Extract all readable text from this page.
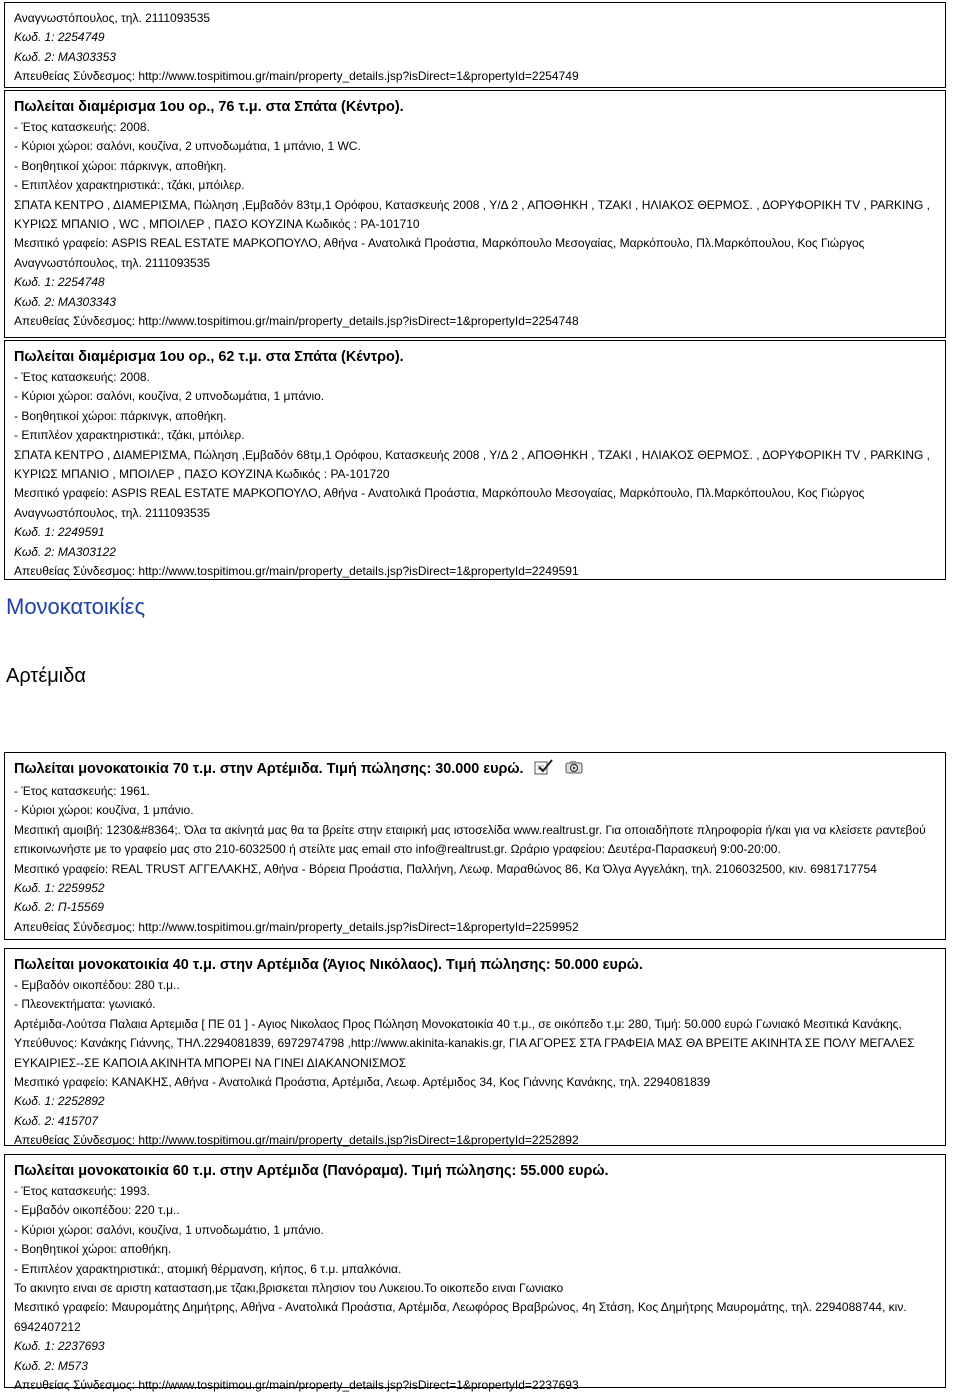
Αναγνωστόπουλος, τηλ. 2111093535
Κωδ. 1: 2254749
Κωδ. 2: ΜΑ303353
Απευθείας Σύνδεσμος: http://www.tospitimou.gr/main/property_details.jsp?isDirect=1&propertyId=2254749
Πωλείται διαμέρισμα 1ου ορ., 76 τ.μ. στα Σπάτα (Κέντρο).
- Έτος κατασκευής: 2008.
- Κύριοι χώροι: σαλόνι, κουζίνα, 2 υπνοδωμάτια, 1 μπάνιο, 1 WC.
- Βοηθητικοί χώροι: πάρκινγκ, αποθήκη.
- Επιπλέον χαρακτηριστικά:, τζάκι, μπόιλερ.
ΣΠΑΤΑ ΚΕΝΤΡΟ , ΔΙΑΜΕΡΙΣΜΑ, Πώληση ,Εμβαδόν 83τμ,1 Ορόφου, Κατασκευής 2008 , Υ/Δ 2 , ΑΠΟΘΗΚΗ , ΤΖΑΚΙ , ΗΛΙΑΚΟΣ ΘΕΡΜΟΣ. , ΔΟΡΥΦΟΡΙΚΗ TV , PARKING , ΚΥΡΙΩΣ ΜΠΑΝΙΟ , WC , ΜΠΟΙΛΕΡ , ΠΑΣΟ ΚΟΥΖΙΝΑ Κωδικός : PA-101710
Μεσιτικό γραφείο: ASPIS REAL ESTATE ΜΑΡΚΟΠΟΥΛΟ, Αθήνα - Ανατολικά Προάστια, Μαρκόπουλο Μεσογαίας, Μαρκόπουλο, Πλ.Μαρκόπουλου, Κος Γιώργος
Αναγνωστόπουλος, τηλ. 2111093535
Κωδ. 1: 2254748
Κωδ. 2: ΜΑ303343
Απευθείας Σύνδεσμος: http://www.tospitimou.gr/main/property_details.jsp?isDirect=1&propertyId=2254748
Πωλείται διαμέρισμα 1ου ορ., 62 τ.μ. στα Σπάτα (Κέντρο).
- Έτος κατασκευής: 2008.
- Κύριοι χώροι: σαλόνι, κουζίνα, 2 υπνοδωμάτια, 1 μπάνιο.
- Βοηθητικοί χώροι: πάρκινγκ, αποθήκη.
- Επιπλέον χαρακτηριστικά:, τζάκι, μπόιλερ.
ΣΠΑΤΑ ΚΕΝΤΡΟ , ΔΙΑΜΕΡΙΣΜΑ, Πώληση ,Εμβαδόν 68τμ,1 Ορόφου, Κατασκευής 2008 , Υ/Δ 2 , ΑΠΟΘΗΚΗ , ΤΖΑΚΙ , ΗΛΙΑΚΟΣ ΘΕΡΜΟΣ. , ΔΟΡΥΦΟΡΙΚΗ TV , PARKING , ΚΥΡΙΩΣ ΜΠΑΝΙΟ , ΜΠΟΙΛΕΡ , ΠΑΣΟ ΚΟΥΖΙΝΑ Κωδικός : PA-101720
Μεσιτικό γραφείο: ASPIS REAL ESTATE ΜΑΡΚΟΠΟΥΛΟ, Αθήνα - Ανατολικά Προάστια, Μαρκόπουλο Μεσογαίας, Μαρκόπουλο, Πλ.Μαρκόπουλου, Κος Γιώργος
Αναγνωστόπουλος, τηλ. 2111093535
Κωδ. 1: 2249591
Κωδ. 2: ΜΑ303122
Απευθείας Σύνδεσμος: http://www.tospitimou.gr/main/property_details.jsp?isDirect=1&propertyId=2249591
Μονοκατοικίες
Αρτέμιδα
Πωλείται μονοκατοικία 70 τ.μ. στην Αρτέμιδα. Τιμή πώλησης: 30.000 ευρώ.
- Έτος κατασκευής: 1961.
- Κύριοι χώροι: κουζίνα, 1 μπάνιο.
Μεσιτική αμοιβή: 1230&#8364;. Όλα τα ακίνητά μας θα τα βρείτε στην εταιρική μας ιστοσελίδα www.realtrust.gr. Για οποιαδήποτε πληροφορία ή/και για να κλείσετε ραντεβού επικοινωνήστε με το γραφείο μας στο 210-6032500 ή στείλτε μας email στο info@realtrust.gr. Ωράριο γραφείου: Δευτέρα-Παρασκευή 9:00-20:00.
Μεσιτικό γραφείο: REAL TRUST ΑΓΓΕΛΑΚΗΣ, Αθήνα - Βόρεια Προάστια, Παλλήνη, Λεωφ. Μαραθώνος 86, Κα Όλγα Αγγελάκη, τηλ. 2106032500, κιν. 6981717754
Κωδ. 1: 2259952
Κωδ. 2: Π-15569
Απευθείας Σύνδεσμος: http://www.tospitimou.gr/main/property_details.jsp?isDirect=1&propertyId=2259952
Πωλείται μονοκατοικία 40 τ.μ. στην Αρτέμιδα (Άγιος Νικόλαος). Τιμή πώλησης: 50.000 ευρώ.
- Εμβαδόν οικοπέδου: 280 τ.μ..
- Πλεονεκτήματα: γωνιακό.
Αρτέμιδα-Λούτσα Παλαια Αρτεμιδα [ ΠΕ 01 ] - Αγιος Νικολαος Προς Πώληση Μονοκατοικία 40 τ.μ., σε οικόπεδο τ.μ: 280, Τιμή: 50.000 ευρώ Γωνιακό Μεσιτικά Κανάκης, Υπεύθυνος: Κανάκης Γιάννης, ΤΗΛ.2294081839, 6972974798 ,http://www.akinita-kanakis.gr, ΓΙΑ ΑΓΟΡΕΣ ΣΤΑ ΓΡΑΦΕΙΑ ΜΑΣ ΘΑ ΒΡΕΙΤΕ ΑΚΙΝΗΤΑ ΣΕ ΠΟΛΥ ΜΕΓΑΛΕΣ ΕΥΚΑΙΡΙΕΣ--ΣΕ ΚΑΠΟΙΑ ΑΚΙΝΗΤΑ ΜΠΟΡΕΙ ΝΑ ΓΙΝΕΙ ΔΙΑΚΑΝΟΝΙΣΜΟΣ
Μεσιτικό γραφείο: ΚΑΝΑΚΗΣ, Αθήνα - Ανατολικά Προάστια, Αρτέμιδα, Λεωφ. Αρτέμιδος 34, Κος Γιάννης Κανάκης, τηλ. 2294081839
Κωδ. 1: 2252892
Κωδ. 2: 415707
Απευθείας Σύνδεσμος: http://www.tospitimou.gr/main/property_details.jsp?isDirect=1&propertyId=2252892
Πωλείται μονοκατοικία 60 τ.μ. στην Αρτέμιδα (Πανόραμα). Τιμή πώλησης: 55.000 ευρώ.
- Έτος κατασκευής: 1993.
- Εμβαδόν οικοπέδου: 220 τ.μ..
- Κύριοι χώροι: σαλόνι, κουζίνα, 1 υπνοδωμάτιο, 1 μπάνιο.
- Βοηθητικοί χώροι: αποθήκη.
- Επιπλέον χαρακτηριστικά:, ατομική θέρμανση, κήπος, 6 τ.μ. μπαλκόνια.
Το ακινητο ειναι σε αριστη κατασταση,με τζακι,βρισκεται πλησιον του Λυκειου.Το οικοπεδο ειναι Γωνιακο
Μεσιτικό γραφείο: Μαυρομάτης Δημήτρης, Αθήνα - Ανατολικά Προάστια, Αρτέμιδα, Λεωφόρος Βραβρώνος, 4η Στάση, Κος Δημήτρης Μαυρομάτης, τηλ. 2294088744, κιν. 6942407212
Κωδ. 1: 2237693
Κωδ. 2: Μ573
Απευθείας Σύνδεσμος: http://www.tospitimou.gr/main/property_details.jsp?isDirect=1&propertyId=2237693
